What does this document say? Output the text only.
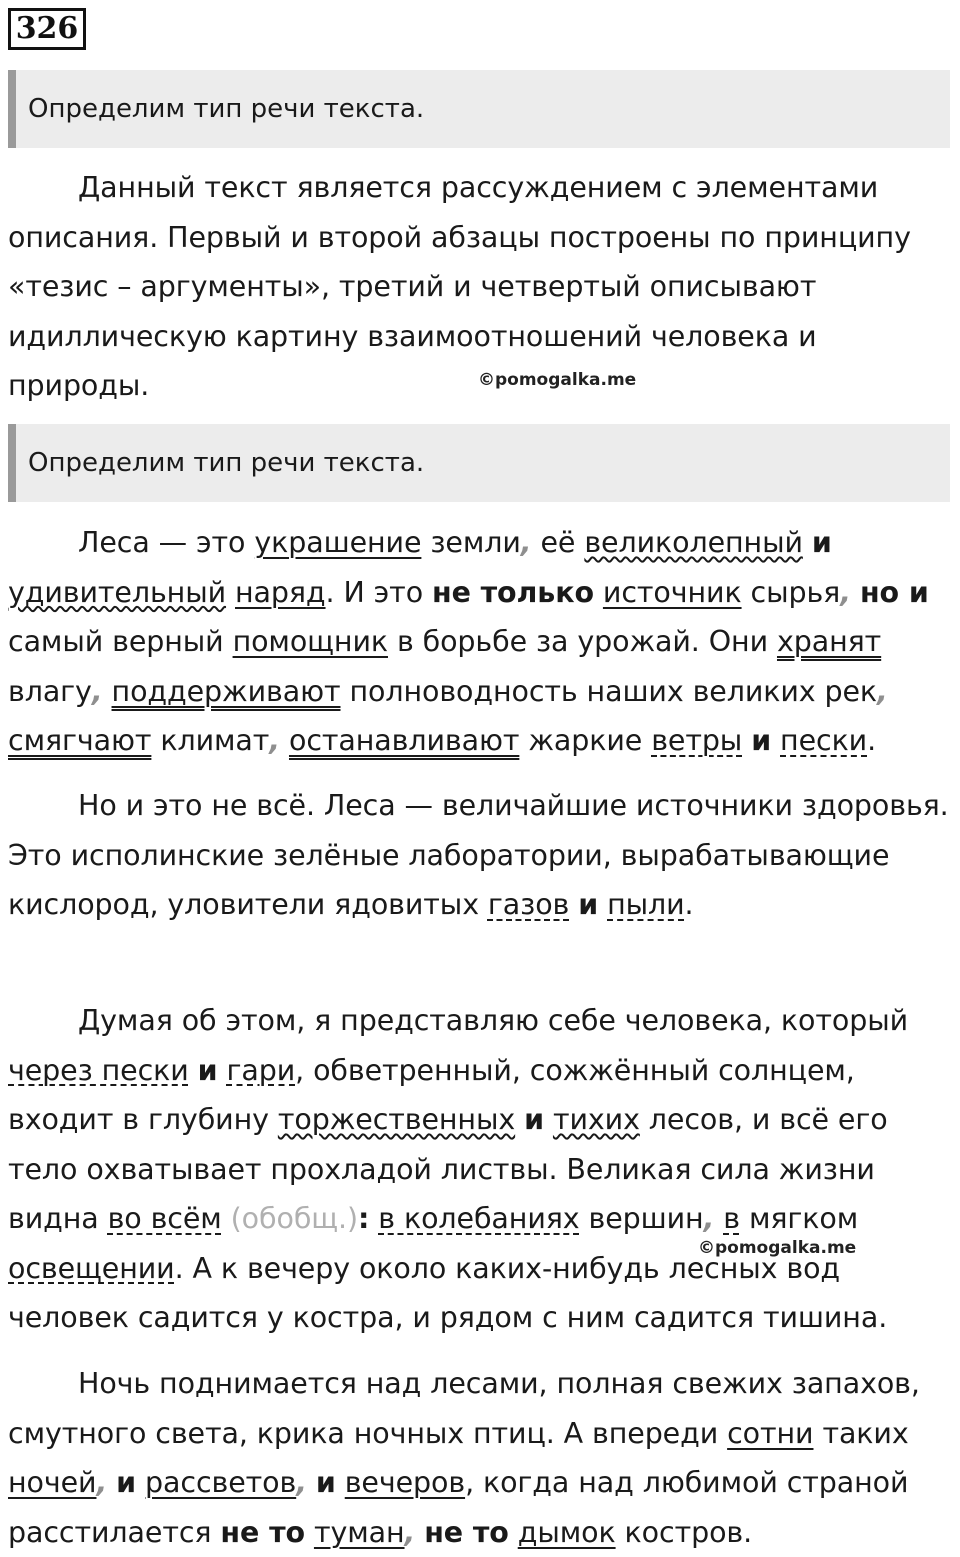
326
Определим тип речи текста.

Данный текст является рассуждением с элементами описания. Первый и второй абзацы построены по принципу «тезис – аргументы», третий и четвертый описывают идиллическую картину взаимоотношений человека и природы.	©pomogalka.me
Определим тип речи текста.

Леса — это украшение земли, её великолепный и удивительный наряд. И это не только источник сырья, но и самый верный помощник в борьбе за урожай. Они хранят влагу, поддерживают полноводность наших великих рек, смягчают климат, останавливают жаркие ветры и пески.

Но и это не всё. Леса — величайшие источники здоровья. Это исполинские зелёные лаборатории, вырабатывающие кислород, уловители ядовитых газов и пыли.

Думая об этом, я представляю себе человека, который через пески и гари, обветренный, сожжённый солнцем, входит в глубину торжественных и тихих лесов, и всё его тело охватывает прохладой листвы. Великая сила жизни видна во всём (обобщ.): в колебаниях вершин, в мягком освещении. А к вечеру около каких-нибудь лесных вод человек садится у костра, и рядом с ним садится тишина.

©pomogalka.me

Ночь поднимается над лесами, полная свежих запахов, смутного света, крика ночных птиц. А впереди сотни таких ночей, и рассветов, и вечеров, когда над любимой страной расстилается не то туман, не то дымок костров.
